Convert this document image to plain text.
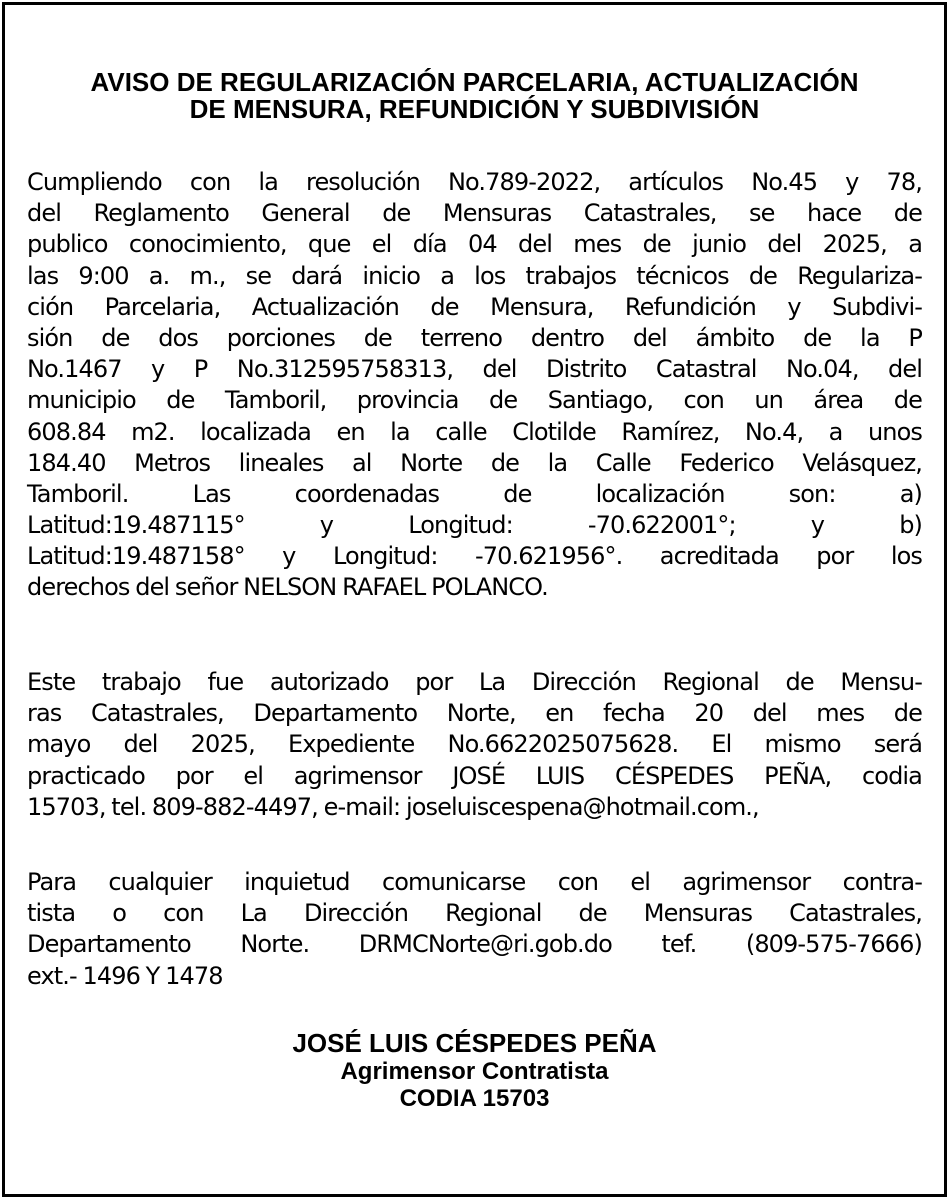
AVISO DE REGULARIZACIÓN PARCELARIA, ACTUALIZACIÓN
DE MENSURA, REFUNDICIÓN Y SUBDIVISIÓN
Cumpliendo con la resolución No.789-2022, artículos No.45 y 78,
del Reglamento General de Mensuras Catastrales, se hace de
publico conocimiento, que el día 04 del mes de junio del 2025, a
las 9:00 a. m., se dará inicio a los trabajos técnicos de Regulariza-
ción Parcelaria, Actualización de Mensura, Refundición y Subdivi-
sión de dos porciones de terreno dentro del ámbito de la P
No.1467 y P No.312595758313, del Distrito Catastral No.04, del
municipio de Tamboril, provincia de Santiago, con un área de
608.84 m2. localizada en la calle Clotilde Ramírez, No.4, a unos
184.40 Metros lineales al Norte de la Calle Federico Velásquez,
Tamboril. Las coordenadas de localización son: a)
Latitud:19.487115° y Longitud: -70.622001°; y b)
Latitud:19.487158° y Longitud: -70.621956°. acreditada por los
derechos del señor NELSON RAFAEL POLANCO.
Este trabajo fue autorizado por La Dirección Regional de Mensu-
ras Catastrales, Departamento Norte, en fecha 20 del mes de
mayo del 2025, Expediente No.6622025075628. El mismo será
practicado por el agrimensor JOSÉ LUIS CÉSPEDES PEÑA, codia
15703, tel. 809-882-4497, e-mail: joseluiscespena@hotmail.com.,
Para cualquier inquietud comunicarse con el agrimensor contra-
tista o con La Dirección Regional de Mensuras Catastrales,
Departamento Norte. DRMCNorte@ri.gob.do tef. (809-575-7666)
ext.- 1496 Y 1478
JOSÉ LUIS CÉSPEDES PEÑA
Agrimensor Contratista
CODIA 15703
